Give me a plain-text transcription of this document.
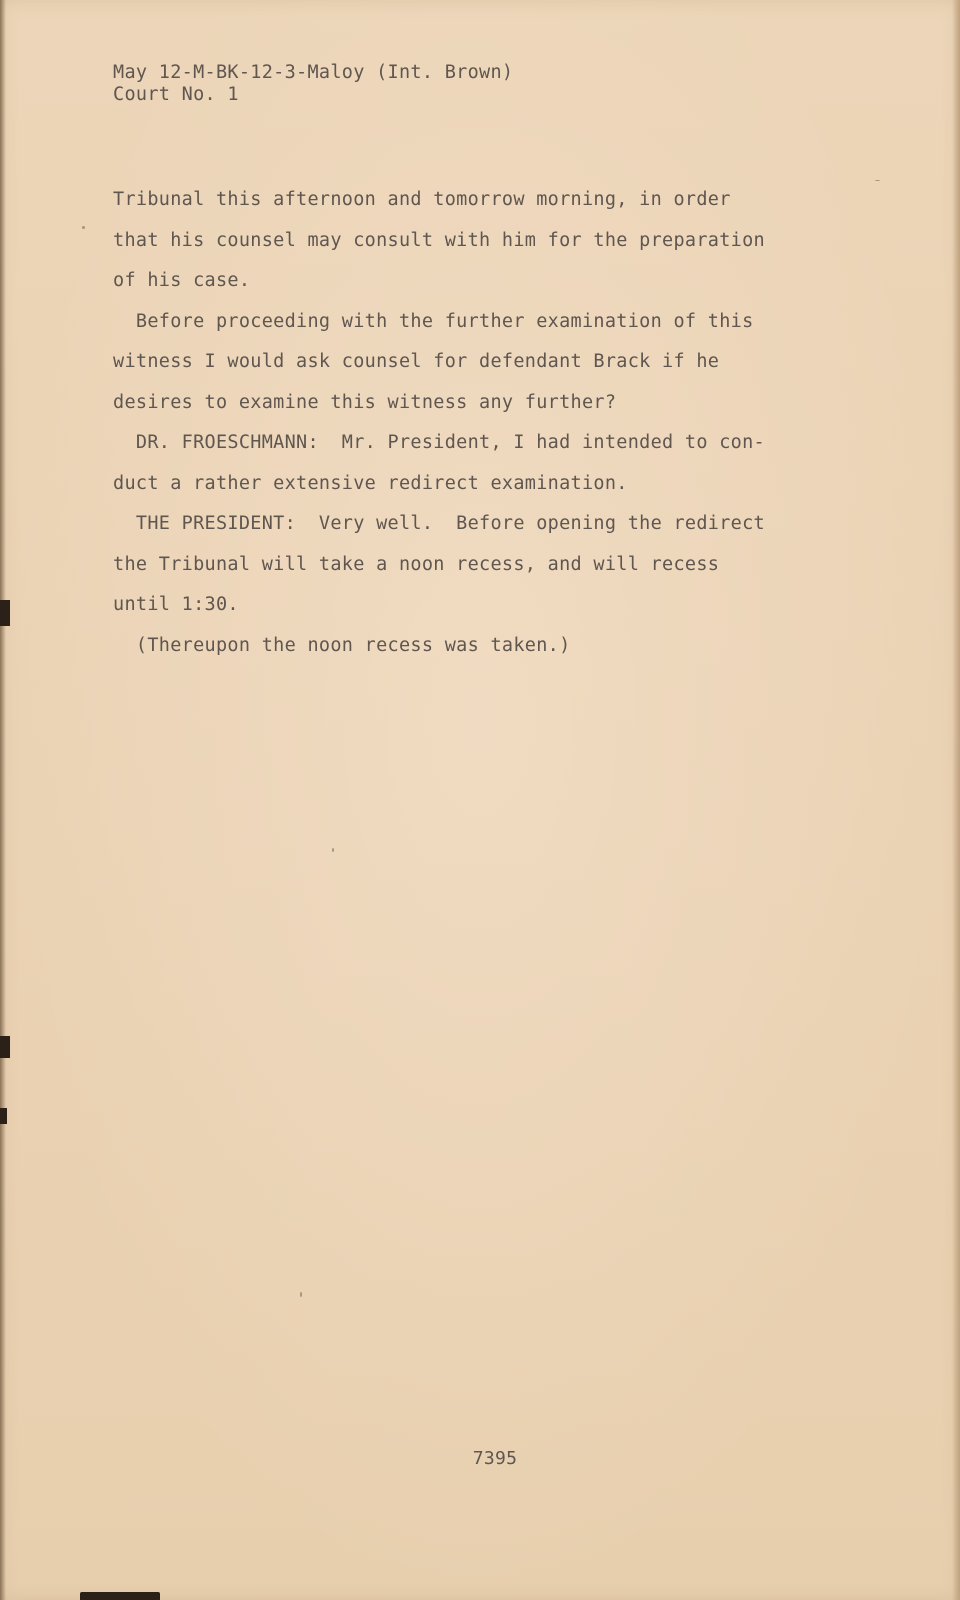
May 12-M-BK-12-3-Maloy (Int. Brown)
Court No. 1
Tribunal this afternoon and tomorrow morning, in order
that his counsel may consult with him for the preparation
of his case.
Before proceeding with the further examination of this
witness I would ask counsel for defendant Brack if he
desires to examine this witness any further?
DR. FROESCHMANN:  Mr. President, I had intended to con-
duct a rather extensive redirect examination.
THE PRESIDENT:  Very well.  Before opening the redirect
the Tribunal will take a noon recess, and will recess
until 1:30.
(Thereupon the noon recess was taken.)
7395
